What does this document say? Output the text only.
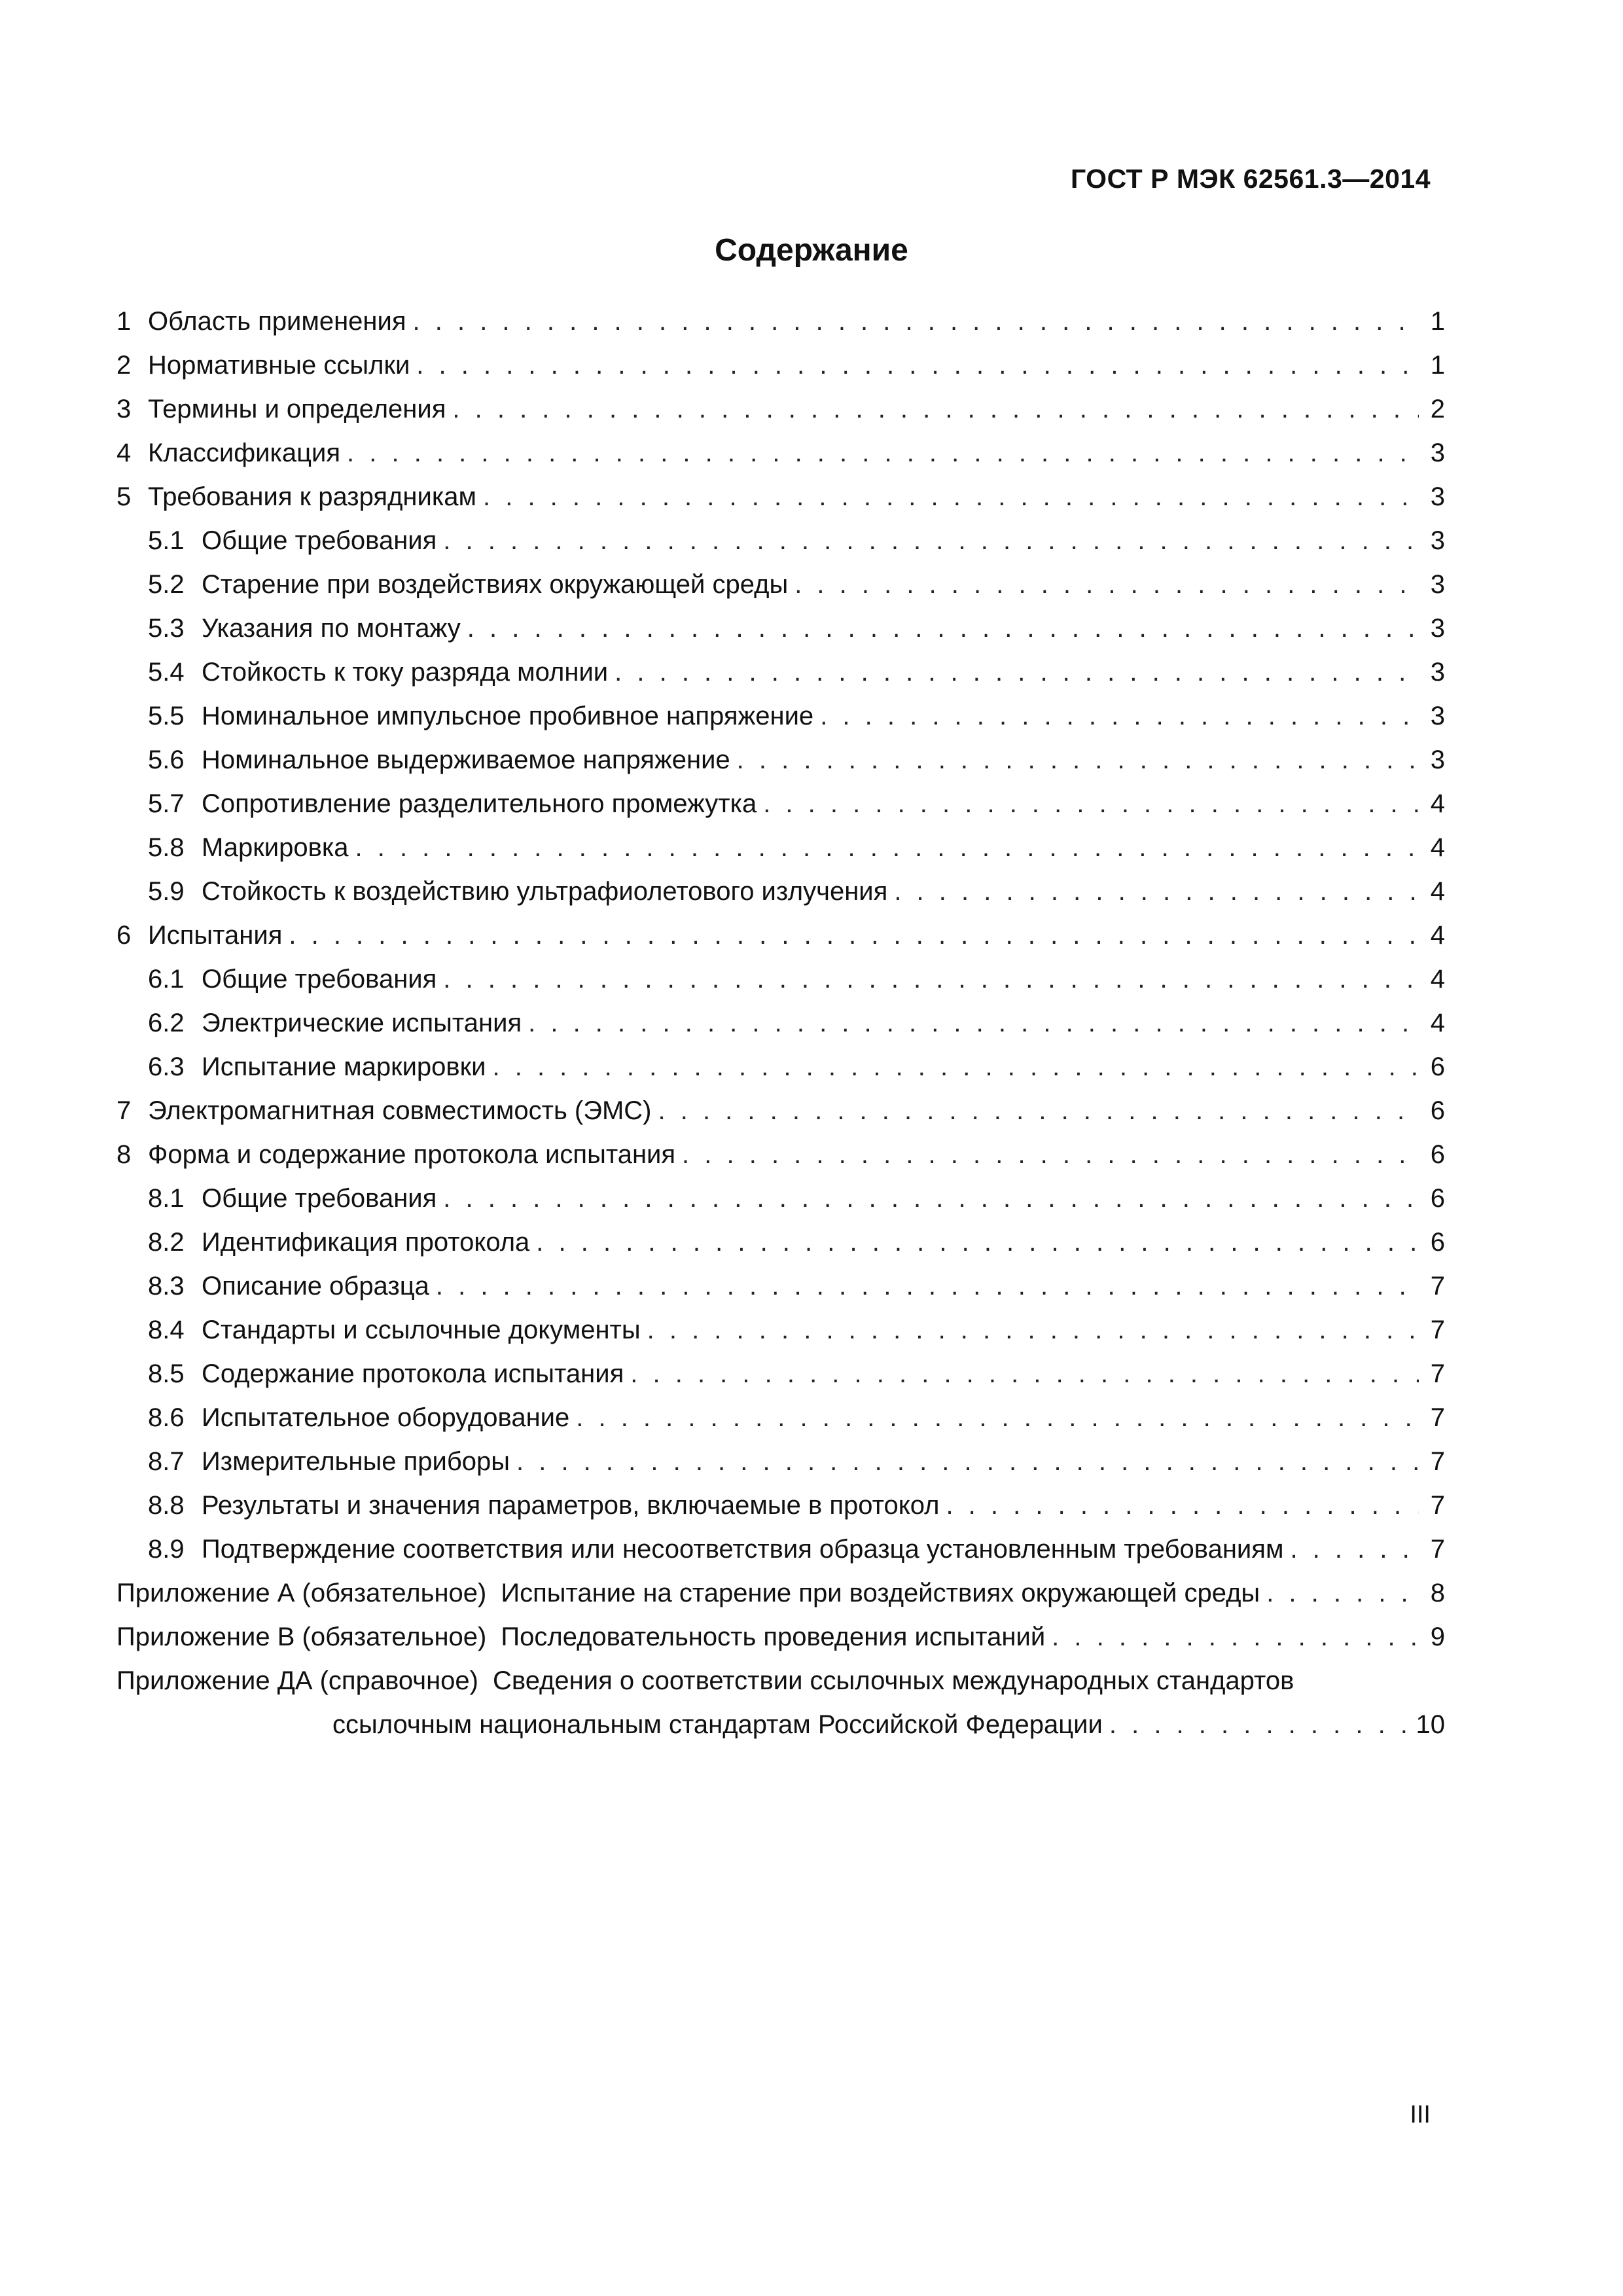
ГОСТ Р МЭК 62561.3—2014
Содержание
1 Область применения . . .	1
2 Нормативные ссылки . . .	1
3 Термины и определения . . .	2
4 Классификация . . .	3
5 Требования к разрядникам . . .	3
5.1 Общие требования . . .	3
5.2 Старение при воздействиях окружающей среды . . .	3
5.3 Указания по монтажу . . .	3
5.4 Стойкость к току разряда молнии . . .	3
5.5 Номинальное импульсное пробивное напряжение . . .	3
5.6 Номинальное выдерживаемое напряжение . . .	3
5.7 Сопротивление разделительного промежутка . . .	4
5.8 Маркировка . . .	4
5.9 Стойкость к воздействию ультрафиолетового излучения . . .	4
6 Испытания . . .	4
6.1 Общие требования . . .	4
6.2 Электрические испытания . . .	4
6.3 Испытание маркировки . . .	6
7 Электромагнитная совместимость (ЭМС) . . .	6
8 Форма и содержание протокола испытания . . .	6
8.1 Общие требования . . .	6
8.2 Идентификация протокола . . .	6
8.3 Описание образца . . .	7
8.4 Стандарты и ссылочные документы . . .	7
8.5 Содержание протокола испытания . . .	7
8.6 Испытательное оборудование . . .	7
8.7 Измерительные приборы . . .	7
8.8 Результаты и значения параметров, включаемые в протокол . . .	7
8.9 Подтверждение соответствия или несоответствия образца установленным требованиям . . .	7
Приложение А (обязательное) Испытание на старение при воздействиях окружающей среды . . .	8
Приложение В (обязательное) Последовательность проведения испытаний . . .	9
Приложение ДА (справочное) Сведения о соответствии ссылочных международных стандартов
ссылочным национальным стандартам Российской Федерации . . .	10
III
